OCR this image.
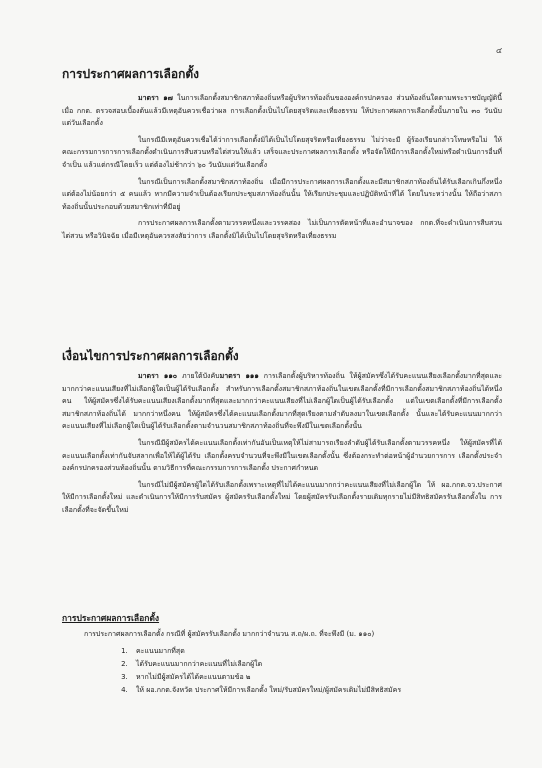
๔
การประกาศผลการเลือกตั้ง

มาตรา ๑๗ ในการเลือกตั้งสมาชิกสภาท้องถิ่นหรือผู้บริหารท้องถิ่นขององค์กรปกครอง ส่วนท้องถิ่นใดตามพระราชบัญญัตินี้ เมื่อ กกต. ตรวจสอบเบื้องต้นแล้วมีเหตุอันควรเชื่อว่าผล การเลือกตั้งเป็นไปโดยสุจริตและเที่ยงธรรม ให้ประกาศผลการเลือกตั้งนั้นภายใน ๓๐ วันนับแต่วันเลือกตั้ง

ในกรณีมีเหตุอันควรเชื่อได้ว่าการเลือกตั้งมิได้เป็นไปโดยสุจริตหรือเที่ยงธรรม ไม่ว่าจะมี ผู้ร้องเรียนกล่าวโทษหรือไม่ ให้คณะกรรมการการการเลือกตั้งดำเนินการสืบสวนหรือไต่สวนให้แล้ว เสร็จและประกาศผลการเลือกตั้ง หรือจัดให้มีการเลือกตั้งใหม่หรือดำเนินการอื่นที่จำเป็น แล้วแต่กรณีโดยเร็ว แต่ต้องไม่ช้ากว่า ๖๐ วันนับแต่วันเลือกตั้ง

ในกรณีเป็นการเลือกตั้งสมาชิกสภาท้องถิ่น เมื่อมีการประกาศผลการเลือกตั้งและมีสมาชิกสภาท้องถิ่นได้รับเลือกเกินกึ่งหนึ่งแต่ต้องไม่น้อยกว่า ๕ คนแล้ว หากมีความจำเป็นต้องเรียกประชุมสภาท้องถิ่นนั้น ให้เรียกประชุมและปฏิบัติหน้าที่ได้ โดยในระหว่างนั้น ให้ถือว่าสภาท้องถิ่นนั้นประกอบด้วยสมาชิกเท่าที่มีอยู่

การประกาศผลการเลือกตั้งตามวรรคหนึ่งและวรรคสอง ไม่เป็นการตัดหน้าที่และอำนาจของ กกต.ที่จะดำเนินการสืบสวน ไต่สวน หรือวินิจฉัย เมื่อมีเหตุอันควรสงสัยว่าการ เลือกตั้งมิได้เป็นไปโดยสุจริตหรือเที่ยงธรรม

เงื่อนไขการประกาศผลการเลือกตั้ง

มาตรา ๑๑๐ ภายใต้บังคับมาตรา ๑๑๑ การเลือกตั้งผู้บริหารท้องถิ่น ให้ผู้สมัครซึ่งได้รับคะแนนเสียงเลือกตั้งมากที่สุดและมากกว่าคะแนนเสียงที่ไม่เลือกผู้ใดเป็นผู้ได้รับเลือกตั้ง สำหรับการเลือกตั้งสมาชิกสภาท้องถิ่นในเขตเลือกตั้งที่มีการเลือกตั้งสมาชิกสภาท้องถิ่นได้หนึ่งคน ให้ผู้สมัครซึ่งได้รับคะแนนเสียงเลือกตั้งมากที่สุดและมากกว่าคะแนนเสียงที่ไม่เลือกผู้ใดเป็นผู้ได้รับเลือกตั้ง แต่ในเขตเลือกตั้งที่มีการเลือกตั้งสมาชิกสภาท้องถิ่นได้ มากกว่าหนึ่งคน ให้ผู้สมัครซึ่งได้คะแนนเลือกตั้งมากที่สุดเรียงตามลำดับลงมาในเขตเลือกตั้ง นั้นและได้รับคะแนนมากกว่าคะแนนเสียงที่ไม่เลือกผู้ใดเป็นผู้ได้รับเลือกตั้งตามจำนวนสมาชิกสภาท้องถิ่นที่จะพึงมีในเขตเลือกตั้งนั้น

ในกรณีมีผู้สมัครได้คะแนนเลือกตั้งเท่ากันอันเป็นเหตุให้ไม่สามารถเรียงลำดับผู้ได้รับเลือกตั้งตามวรรคหนึ่ง ให้ผู้สมัครที่ได้คะแนนเลือกตั้งเท่ากันจับสลากเพื่อให้ได้ผู้ได้รับ เลือกตั้งครบจำนวนที่จะพึงมีในเขตเลือกตั้งนั้น ซึ่งต้องกระทำต่อหน้าผู้อำนวยการการ เลือกตั้งประจำองค์กรปกครองส่วนท้องถิ่นนั้น ตามวิธีการที่คณะกรรมการการเลือกตั้ง ประกาศกำหนด

ในกรณีไม่มีผู้สมัครผู้ใดได้รับเลือกตั้งเพราะเหตุที่ไม่ได้คะแนนมากกว่าคะแนนเสียงที่ไม่เลือกผู้ใด ให้ ผอ.กกต.จว.ประกาศให้มีการเลือกตั้งใหม่ และดำเนินการให้มีการรับสมัคร ผู้สมัครรับเลือกตั้งใหม่ โดยผู้สมัครรับเลือกตั้งรายเดิมทุกรายไม่มีสิทธิสมัครรับเลือกตั้งใน การเลือกตั้งที่จะจัดขึ้นใหม่

การประกาศผลการเลือกตั้ง

การประกาศผลการเลือกตั้ง กรณีที่ ผู้สมัครรับเลือกตั้ง มากกว่าจำนวน ส.ถ/ผ.ถ. ที่จะพึงมี (ม. ๑๑๐)

1. คะแนนมากที่สุด
2. ได้รับคะแนนมากกว่าคะแนนที่ไม่เลือกผู้ใด
3. หากไม่มีผู้สมัครได้ได้คะแนนตามข้อ ๒
4. ให้ ผอ.กกต.จังหวัด ประกาศให้มีการเลือกตั้ง ใหม่/รับสมัครใหม่/ผู้สมัครเดิมไม่มีสิทธิสมัคร
